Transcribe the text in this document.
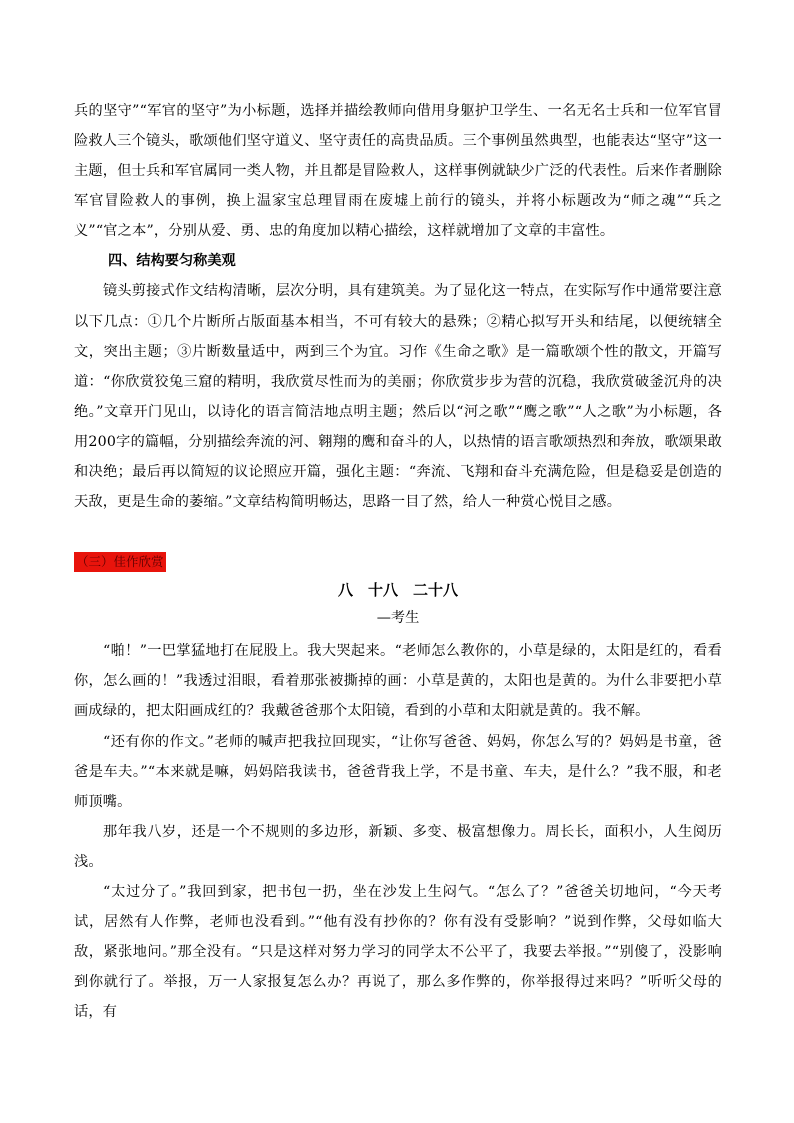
兵的坚守”“军官的坚守”为小标题，选择并描绘教师向借用身躯护卫学生、一名无名士兵和一位军官冒险救人三个镜头，歌颂他们坚守道义、坚守责任的高贵品质。三个事例虽然典型，也能表达“坚守”这一主题，但士兵和军官属同一类人物，并且都是冒险救人，这样事例就缺少广泛的代表性。后来作者删除军官冒险救人的事例，换上温家宝总理冒雨在废墟上前行的镜头，并将小标题改为“师之魂”“兵之义”“官之本”，分别从爱、勇、忠的角度加以精心描绘，这样就增加了文章的丰富性。

四、结构要匀称美观

镜头剪接式作文结构清晰，层次分明，具有建筑美。为了显化这一特点，在实际写作中通常要注意以下几点：①几个片断所占版面基本相当，不可有较大的悬殊；②精心拟写开头和结尾，以便统辖全文，突出主题；③片断数量适中，两到三个为宜。习作《生命之歌》是一篇歌颂个性的散文，开篇写道：“你欣赏狡兔三窟的精明，我欣赏尽性而为的美丽；你欣赏步步为营的沉稳，我欣赏破釜沉舟的决绝。”文章开门见山，以诗化的语言简洁地点明主题；然后以“河之歌”“鹰之歌”“人之歌”为小标题，各用200字的篇幅，分别描绘奔流的河、翱翔的鹰和奋斗的人，以热情的语言歌颂热烈和奔放，歌颂果敢和决绝；最后再以简短的议论照应开篇，强化主题：“奔流、飞翔和奋斗充满危险，但是稳妥是创造的天敌，更是生命的萎缩。”文章结构简明畅达，思路一目了然，给人一种赏心悦目之感。

（三）佳作欣赏

八　十八　二十八

—考生

“啪！”一巴掌猛地打在屁股上。我大哭起来。“老师怎么教你的，小草是绿的，太阳是红的，看看你，怎么画的！”我透过泪眼，看着那张被撕掉的画：小草是黄的，太阳也是黄的。为什么非要把小草画成绿的，把太阳画成红的？我戴爸爸那个太阳镜，看到的小草和太阳就是黄的。我不解。

“还有你的作文。”老师的喊声把我拉回现实，“让你写爸爸、妈妈，你怎么写的？妈妈是书童，爸爸是车夫。”“本来就是嘛，妈妈陪我读书，爸爸背我上学，不是书童、车夫，是什么？”我不服，和老师顶嘴。

那年我八岁，还是一个不规则的多边形，新颖、多变、极富想像力。周长长，面积小，人生阅历浅。

“太过分了。”我回到家，把书包一扔，坐在沙发上生闷气。“怎么了？”爸爸关切地问，“今天考试，居然有人作弊，老师也没看到。”“他有没有抄你的？你有没有受影响？”说到作弊，父母如临大敌，紧张地问。”那全没有。“只是这样对努力学习的同学太不公平了，我要去举报。”“别傻了，没影响到你就行了。举报，万一人家报复怎么办？再说了，那么多作弊的，你举报得过来吗？”听听父母的话，有
